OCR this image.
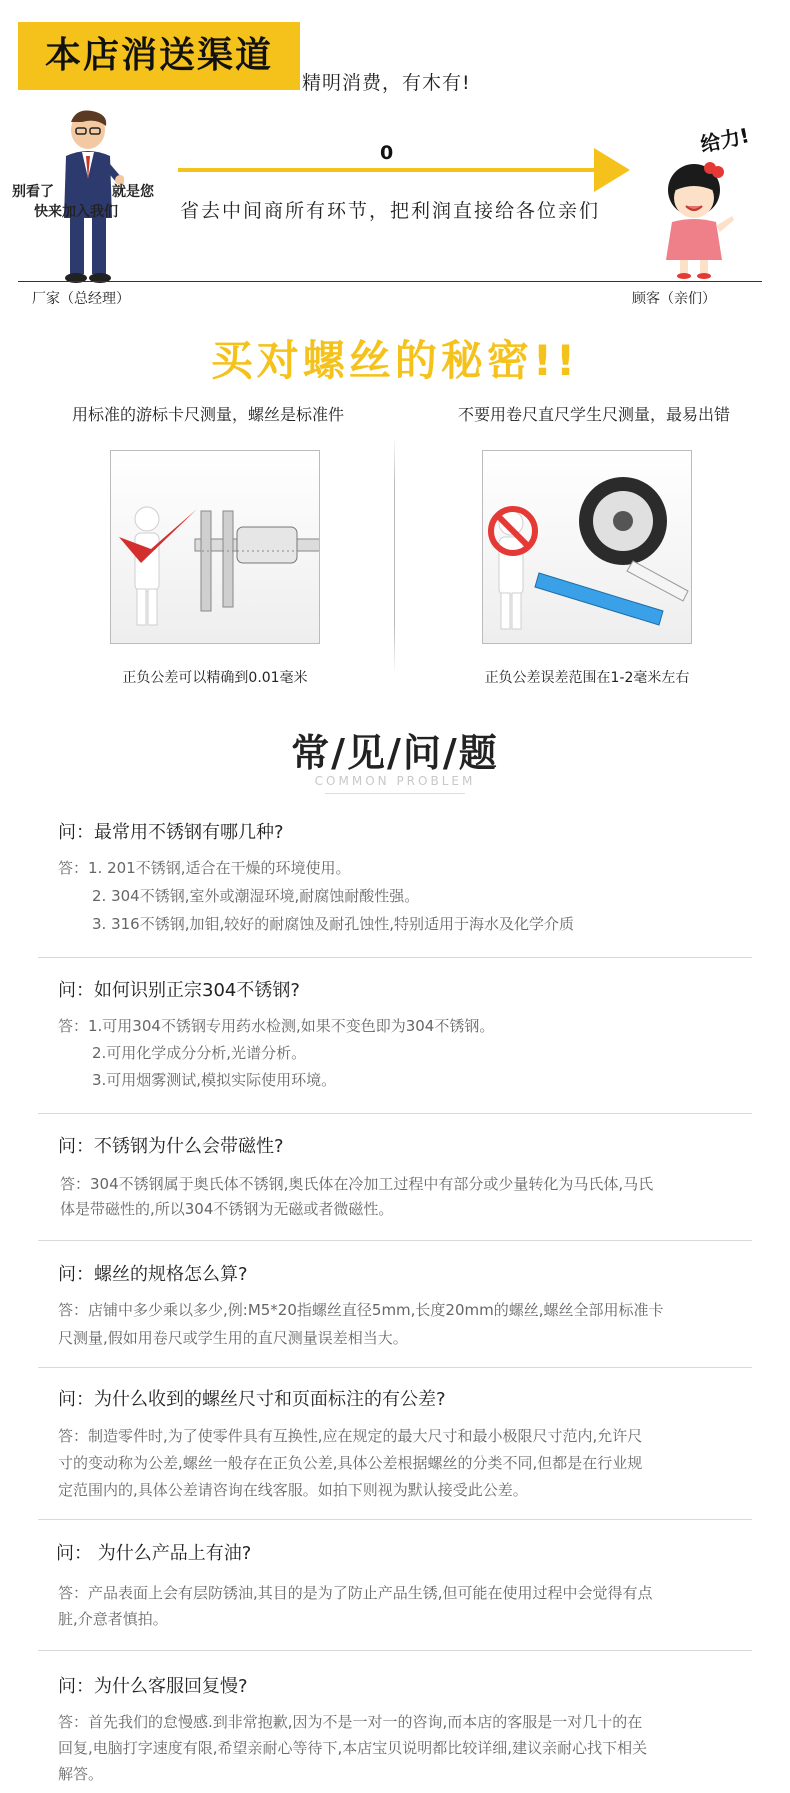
本店消送渠道
精明消费，有木有!
别看了	就是您
快来加入我们
0
省去中间商所有环节，把利润直接给各位亲们
给力!
厂家（总经理）	顾客（亲们）
买对螺丝的秘密!!
用标准的游标卡尺测量，螺丝是标准件	不要用卷尺直尺学生尺测量，最易出错
正负公差可以精确到0.01毫米	正负公差误差范围在1-2毫米左右
常/见/问/题
COMMON PROBLEM
问：最常用不锈钢有哪几种?
答：1. 201不锈钢,适合在干燥的环境使用。
2. 304不锈钢,室外或潮湿环境,耐腐蚀耐酸性强。
3. 316不锈钢,加钼,较好的耐腐蚀及耐孔蚀性,特别适用于海水及化学介质
问：如何识别正宗304不锈钢?
答：1.可用304不锈钢专用药水检测,如果不变色即为304不锈钢。
2.可用化学成分分析,光谱分析。
3.可用烟雾测试,模拟实际使用环境。
问：不锈钢为什么会带磁性?
答：304不锈钢属于奥氏体不锈钢,奥氏体在冷加工过程中有部分或少量转化为马氏体,马氏
体是带磁性的,所以304不锈钢为无磁或者微磁性。
问：螺丝的规格怎么算?
答：店铺中多少乘以多少,例:M5*20指螺丝直径5mm,长度20mm的螺丝,螺丝全部用标准卡
尺测量,假如用卷尺或学生用的直尺测量误差相当大。
问：为什么收到的螺丝尺寸和页面标注的有公差?
答：制造零件时,为了使零件具有互换性,应在规定的最大尺寸和最小极限尺寸范内,允许尺
寸的变动称为公差,螺丝一般存在正负公差,具体公差根据螺丝的分类不同,但都是在行业规
定范围内的,具体公差请咨询在线客服。如拍下则视为默认接受此公差。
问： 为什么产品上有油?
答：产品表面上会有层防锈油,其目的是为了防止产品生锈,但可能在使用过程中会觉得有点
脏,介意者慎拍。
问：为什么客服回复慢?
答：首先我们的怠慢感.到非常抱歉,因为不是一对一的咨询,而本店的客服是一对几十的在
回复,电脑打字速度有限,希望亲耐心等待下,本店宝贝说明都比较详细,建议亲耐心找下相关
解答。
